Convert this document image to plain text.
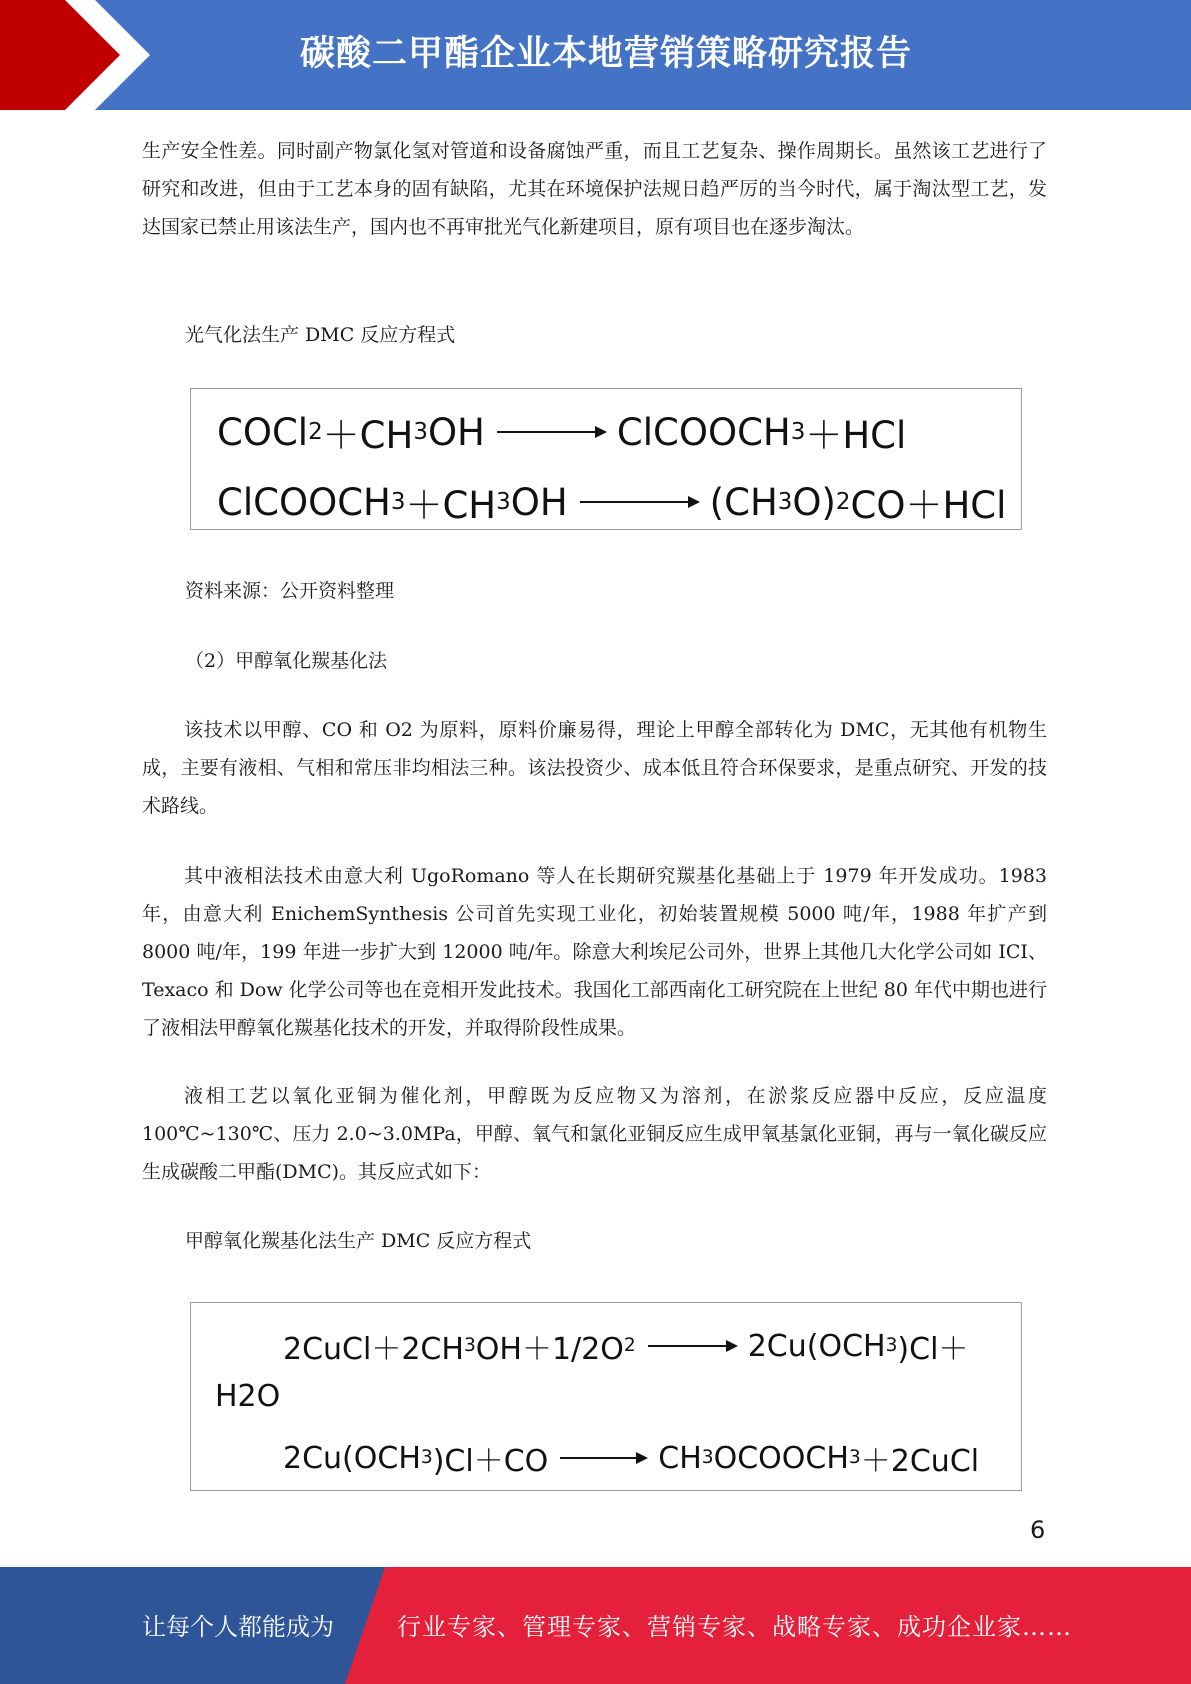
碳酸二甲酯企业本地营销策略研究报告

生产安全性差。同时副产物氯化氢对管道和设备腐蚀严重，而且工艺复杂、操作周期长。虽然该工艺进行了研究和改进，但由于工艺本身的固有缺陷，尤其在环境保护法规日趋严厉的当今时代，属于淘汰型工艺，发达国家已禁止用该法生产，国内也不再审批光气化新建项目，原有项目也在逐步淘汰。

光气化法生产 DMC 反应方程式

COCl 2 ＋CH 3 OH → ClCOOCH 3 ＋HCl
ClCOOCH 3 ＋CH 3 OH → (CH 3 O) 2 CO＋HCl

资料来源：公开资料整理

（2）甲醇氧化羰基化法

该技术以甲醇、CO 和 O2 为原料，原料价廉易得，理论上甲醇全部转化为 DMC，无其他有机物生成，主要有液相、气相和常压非均相法三种。该法投资少、成本低且符合环保要求，是重点研究、开发的技术路线。

其中液相法技术由意大利 UgoRomano 等人在长期研究羰基化基础上于 1979 年开发成功。1983 年，由意大利 EnichemSynthesis 公司首先实现工业化，初始装置规模 5000 吨/年，1988 年扩产到 8000 吨/年，199 年进一步扩大到 12000 吨/年。除意大利埃尼公司外，世界上其他几大化学公司如 ICI、Texaco 和 Dow 化学公司等也在竞相开发此技术。我国化工部西南化工研究院在上世纪 80 年代中期也进行了液相法甲醇氧化羰基化技术的开发，并取得阶段性成果。

液相工艺以氧化亚铜为催化剂，甲醇既为反应物又为溶剂，在淤浆反应器中反应，反应温度 100℃~130℃、压力 2.0~3.0MPa，甲醇、氧气和氯化亚铜反应生成甲氧基氯化亚铜，再与一氧化碳反应生成碳酸二甲酯(DMC)。其反应式如下：

甲醇氧化羰基化法生产 DMC 反应方程式

2CuCl＋2CH 3 OH＋1/2O 2 → 2Cu(OCH 3 )Cl＋
H2O
2Cu(OCH 3 )Cl＋CO → CH 3 OCOOCH 3 ＋2CuCl
6
让每个人都能成为	行业专家、管理专家、营销专家、战略专家、成功企业家……
